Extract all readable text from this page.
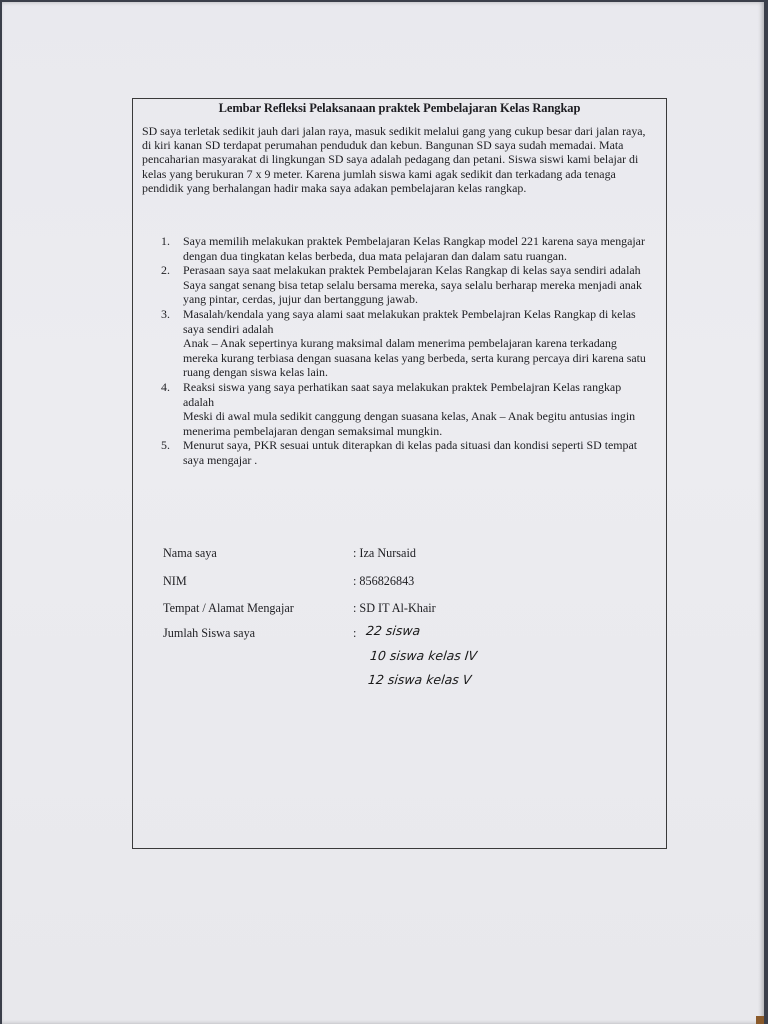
Lembar Refleksi Pelaksanaan praktek Pembelajaran Kelas Rangkap
SD saya terletak sedikit jauh dari jalan raya, masuk sedikit melalui gang yang cukup besar dari jalan raya, di kiri kanan SD terdapat perumahan penduduk dan kebun. Bangunan SD saya sudah memadai. Mata pencaharian masyarakat di lingkungan SD saya adalah pedagang dan petani. Siswa siswi kami belajar di kelas yang berukuran 7 x 9 meter. Karena jumlah siswa kami agak sedikit dan terkadang ada tenaga pendidik yang berhalangan hadir maka saya adakan pembelajaran kelas rangkap.
1. Saya memilih melakukan praktek Pembelajaran Kelas Rangkap model 221 karena saya mengajar dengan dua tingkatan kelas berbeda, dua mata pelajaran dan dalam satu ruangan.
2. Perasaan saya saat melakukan praktek Pembelajaran Kelas Rangkap di kelas saya sendiri adalah
Saya sangat senang bisa tetap selalu bersama mereka, saya selalu berharap mereka menjadi anak yang pintar, cerdas, jujur dan bertanggung jawab.
3. Masalah/kendala yang saya alami saat melakukan praktek Pembelajran Kelas Rangkap di kelas saya sendiri adalah
Anak – Anak sepertinya kurang maksimal dalam menerima pembelajaran karena terkadang mereka kurang terbiasa dengan suasana kelas yang berbeda, serta kurang percaya diri karena satu ruang dengan siswa kelas lain.
4. Reaksi siswa yang saya perhatikan saat saya melakukan praktek Pembelajran Kelas rangkap adalah
Meski di awal mula sedikit canggung dengan suasana kelas, Anak – Anak begitu antusias ingin menerima pembelajaran dengan semaksimal mungkin.
5. Menurut saya, PKR sesuai untuk diterapkan di kelas pada situasi dan kondisi seperti SD tempat saya mengajar .
Nama saya	: Iza Nursaid
NIM	: 856826843
Tempat / Alamat Mengajar	: SD IT Al-Khair
Jumlah Siswa saya	: 22 siswa
10 siswa kelas IV
12 siswa kelas V
